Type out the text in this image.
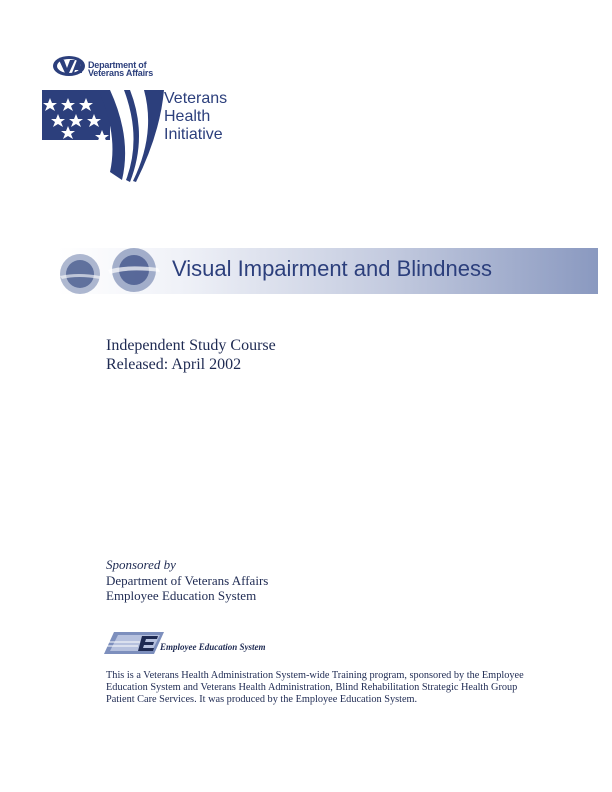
Department of
Veterans Affairs
Veterans
Health
Initiative
Visual Impairment and Blindness
Independent Study Course
Released: April 2002
Sponsored by
Department of Veterans Affairs
Employee Education System
Employee Education System
This is a Veterans Health Administration System-wide Training program, sponsored by the Employee Education System and Veterans Health Administration, Blind Rehabilitation Strategic Health Group Patient Care Services. It was produced by the Employee Education System.
